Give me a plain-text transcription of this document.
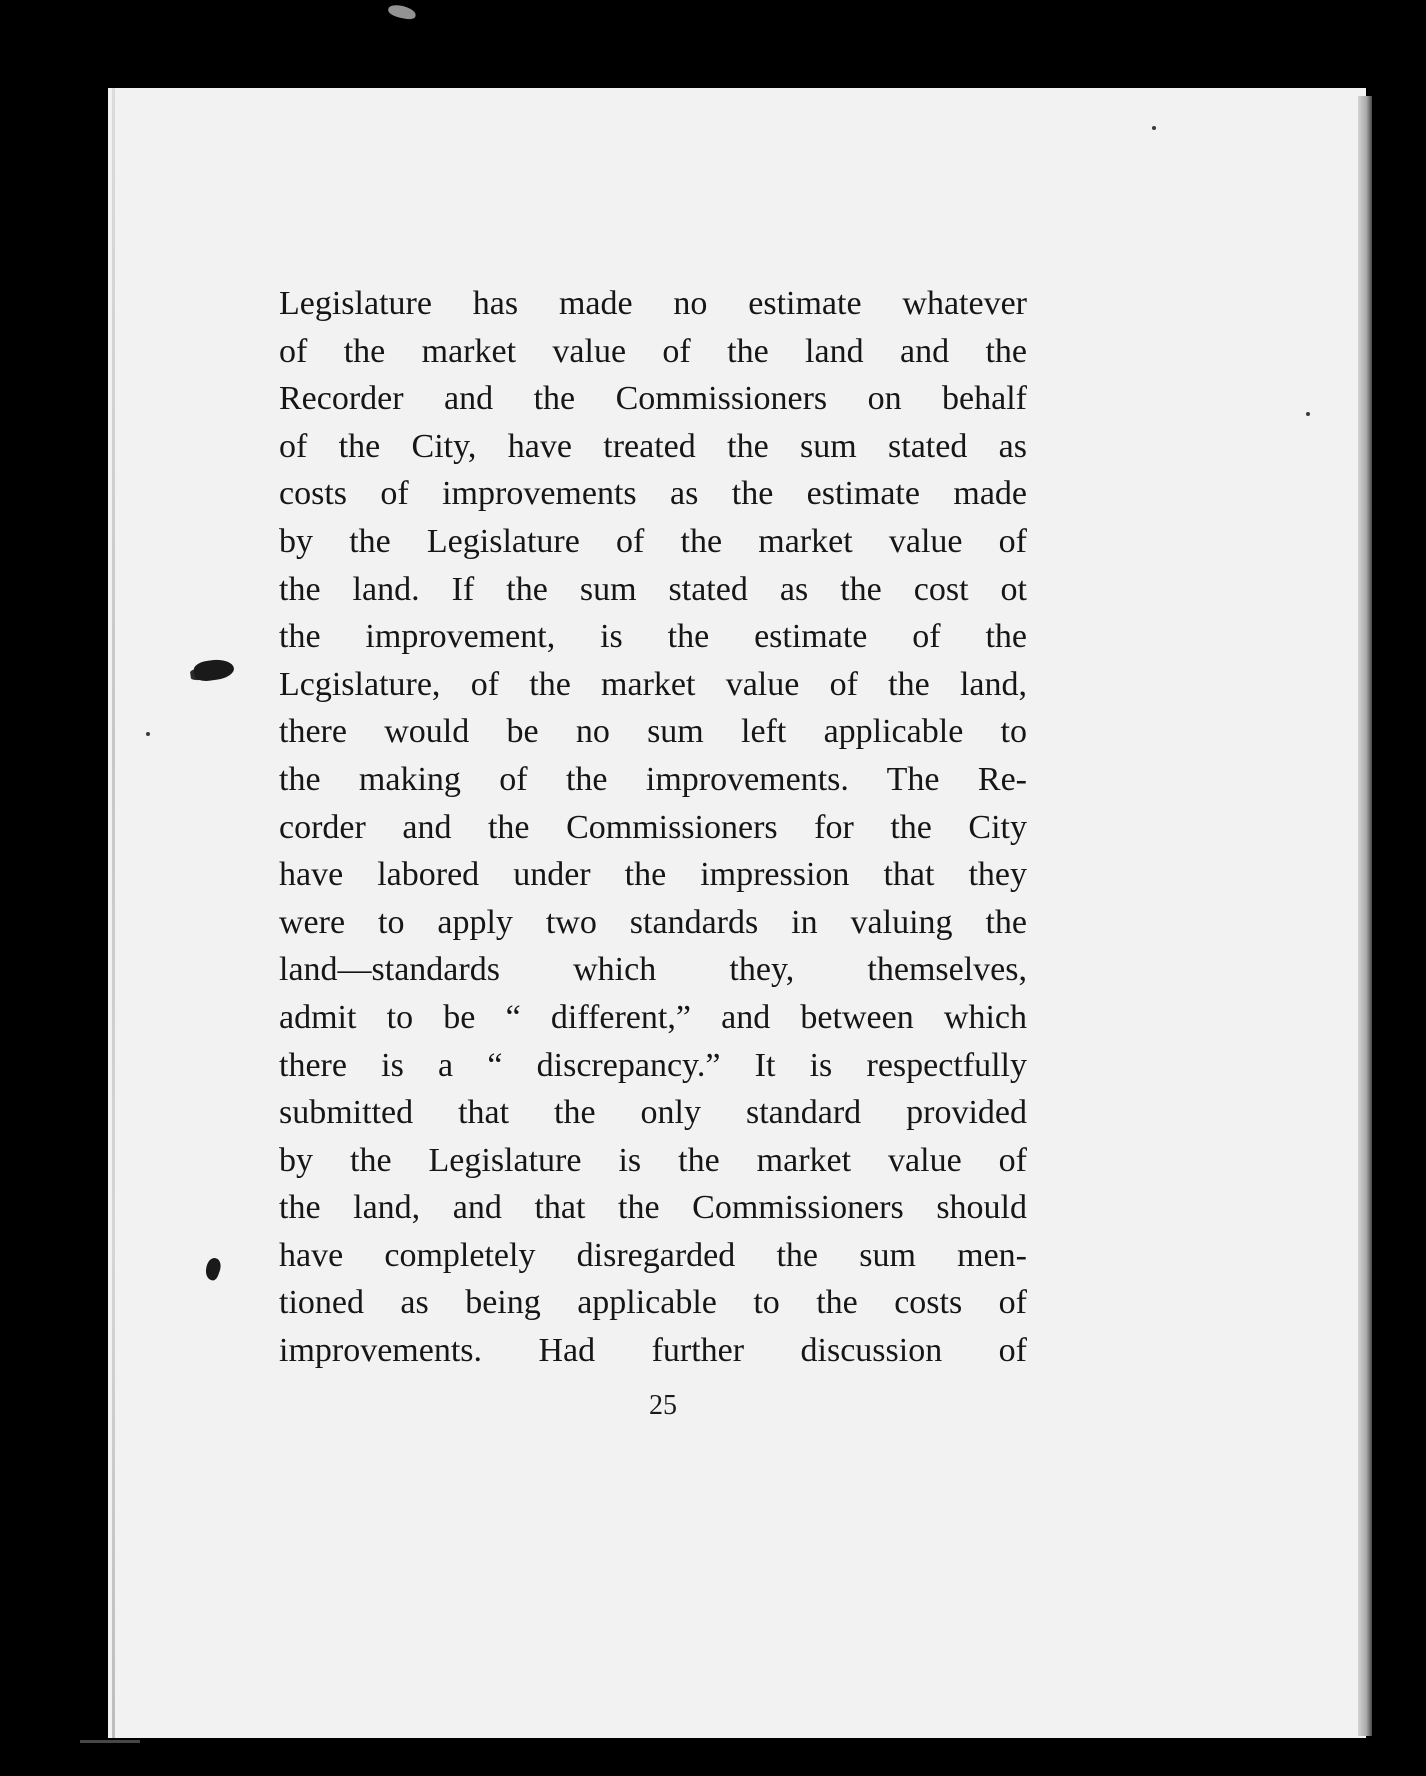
Legislature has made no estimate whatever
of the market value of the land and the
Recorder and the Commissioners on behalf
of the City, have treated the sum stated as
costs of improvements as the estimate made
by the Legislature of the market value of
the land. If the sum stated as the cost ot
the improvement, is the estimate of the
Lcgislature, of the market value of the land,
there would be no sum left applicable to
the making of the improvements. The Re-
corder and the Commissioners for the City
have labored under the impression that they
were to apply two standards in valuing the
land—standards which they, themselves,
admit to be “ different,” and between which
there is a “ discrepancy.” It is respectfully
submitted that the only standard provided
by the Legislature is the market value of
the land, and that the Commissioners should
have completely disregarded the sum men-
tioned as being applicable to the costs of
improvements. Had further discussion of
25
